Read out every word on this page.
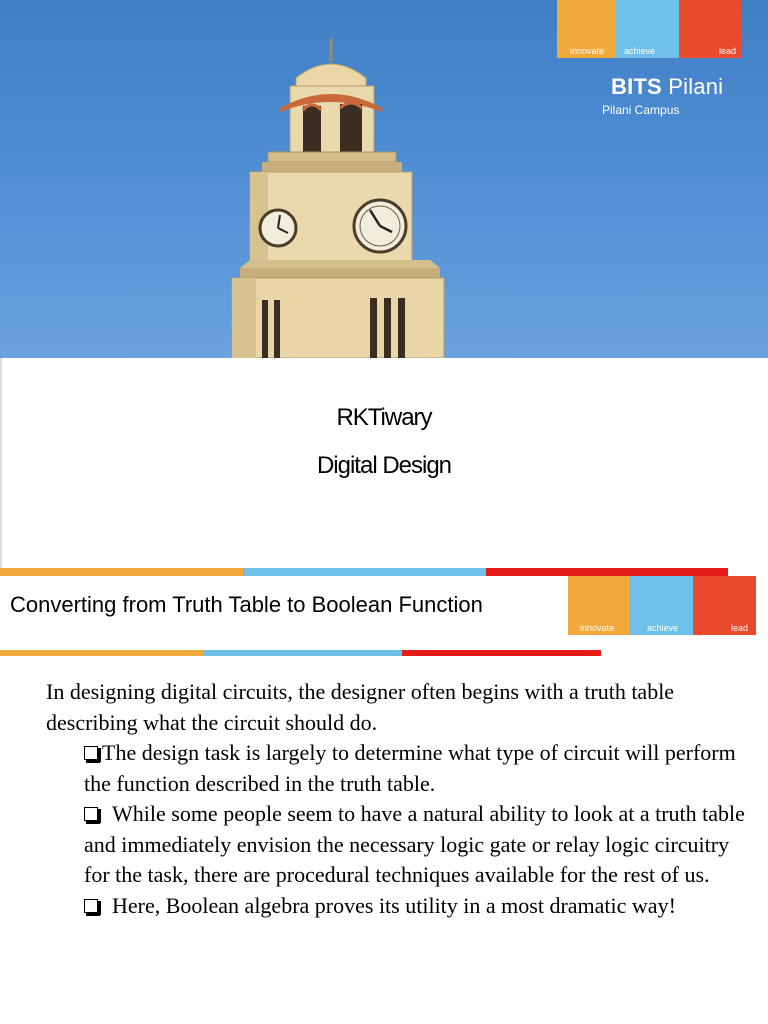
innovate achieve	lead
BITS Pilani
Pilani Campus
RKTiwary
Digital Design
Converting from Truth Table to Boolean Function
innovate	achieve	lead
In designing digital circuits, the designer often begins with a truth table describing what the circuit should do.
The design task is largely to determine what type of circuit will perform the function described in the truth table.
While some people seem to have a natural ability to look at a truth table and immediately envision the necessary logic gate or relay logic circuitry for the task, there are procedural techniques available for the rest of us.
Here, Boolean algebra proves its utility in a most dramatic way!
